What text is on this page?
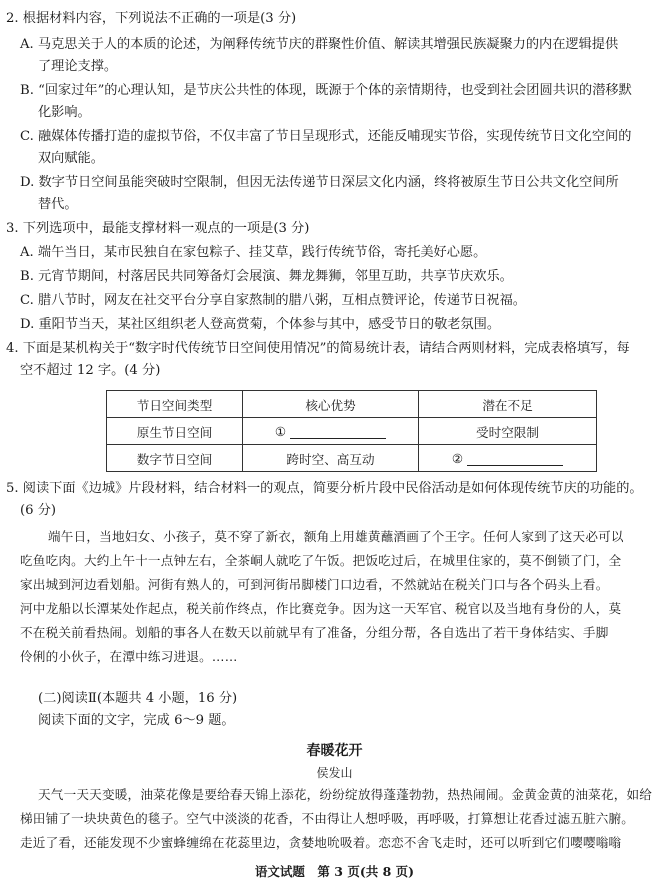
2. 根据材料内容，下列说法不正确的一项是(3 分)
A. 马克思关于人的本质的论述，为阐释传统节庆的群聚性价值、解读其增强民族凝聚力的内在逻辑提供
了理论支撑。
B. “回家过年”的心理认知，是节庆公共性的体现，既源于个体的亲情期待，也受到社会团圆共识的潜移默
化影响。
C. 融媒体传播打造的虚拟节俗，不仅丰富了节日呈现形式，还能反哺现实节俗，实现传统节日文化空间的
双向赋能。
D. 数字节日空间虽能突破时空限制，但因无法传递节日深层文化内涵，终将被原生节日公共文化空间所
替代。
3. 下列选项中，最能支撑材料一观点的一项是(3 分)
A. 端午当日，某市民独自在家包粽子、挂艾草，践行传统节俗，寄托美好心愿。
B. 元宵节期间，村落居民共同筹备灯会展演、舞龙舞狮，邻里互助，共享节庆欢乐。
C. 腊八节时，网友在社交平台分享自家熬制的腊八粥，互相点赞评论，传递节日祝福。
D. 重阳节当天，某社区组织老人登高赏菊，个体参与其中，感受节日的敬老氛围。
4. 下面是某机构关于“数字时代传统节日空间使用情况”的简易统计表，请结合两则材料，完成表格填写，每
空不超过 12 字。(4 分)
节日空间类型	核心优势	潜在不足
原生节日空间	①	受时空限制
数字节日空间	跨时空、高互动	②
5. 阅读下面《边城》片段材料，结合材料一的观点，简要分析片段中民俗活动是如何体现传统节庆的功能的。
(6 分)
端午日，当地妇女、小孩子，莫不穿了新衣，额角上用雄黄蘸酒画了个王字。任何人家到了这天必可以
吃鱼吃肉。大约上午十一点钟左右，全茶峒人就吃了午饭。把饭吃过后，在城里住家的，莫不倒锁了门，全
家出城到河边看划船。河街有熟人的，可到河街吊脚楼门口边看，不然就站在税关门口与各个码头上看。
河中龙船以长潭某处作起点，税关前作终点，作比赛竞争。因为这一天军官、税官以及当地有身份的人，莫
不在税关前看热闹。划船的事各人在数天以前就早有了准备，分组分帮，各自选出了若干身体结实、手脚
伶俐的小伙子，在潭中练习进退。……
(二)阅读Ⅱ(本题共 4 小题，16 分)
阅读下面的文字，完成 6～9 题。
春暖花开
侯发山
天气一天天变暖，油菜花像是要给春天锦上添花，纷纷绽放得蓬蓬勃勃，热热闹闹。金黄金黄的油菜花，如给
梯田铺了一块块黄色的毯子。空气中淡淡的花香，不由得让人想呼吸，再呼吸，打算想让花香过滤五脏六腑。
走近了看，还能发现不少蜜蜂缠绵在花蕊里边，贪婪地吮吸着。恋恋不舍飞走时，还可以听到它们嘤嘤嗡嗡
语文试题　第 3 页(共 8 页)
